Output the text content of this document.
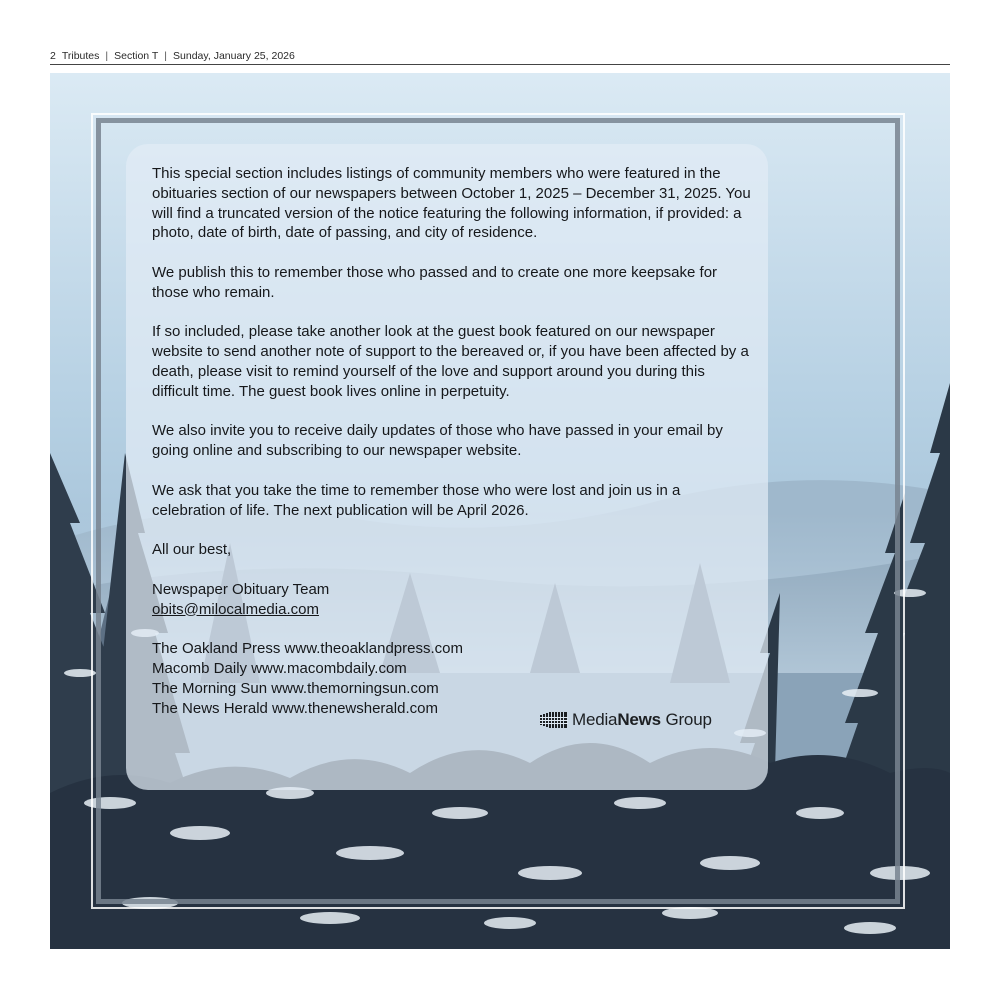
2 Tributes | Section T | Sunday, January 25, 2026

This special section includes listings of community members who were featured in the obituaries section of our newspapers between October 1, 2025 – December 31, 2025. You will find a truncated version of the notice featuring the following information, if provided: a photo, date of birth, date of passing, and city of residence.

We publish this to remember those who passed and to create one more keepsake for those who remain.

If so included, please take another look at the guest book featured on our newspaper website to send another note of support to the bereaved or, if you have been affected by a death, please visit to remind yourself of the love and support around you during this difficult time. The guest book lives online in perpetuity.

We also invite you to receive daily updates of those who have passed in your email by going online and subscribing to our newspaper website.

We ask that you take the time to remember those who were lost and join us in a celebration of life. The next publication will be April 2026.

All our best,

Newspaper Obituary Team
obits@milocalmedia.com

The Oakland Press www.theoaklandpress.com
Macomb Daily www.macombdaily.com
The Morning Sun www.themorningsun.com
The News Herald www.thenewsherald.com
MediaNews Group
